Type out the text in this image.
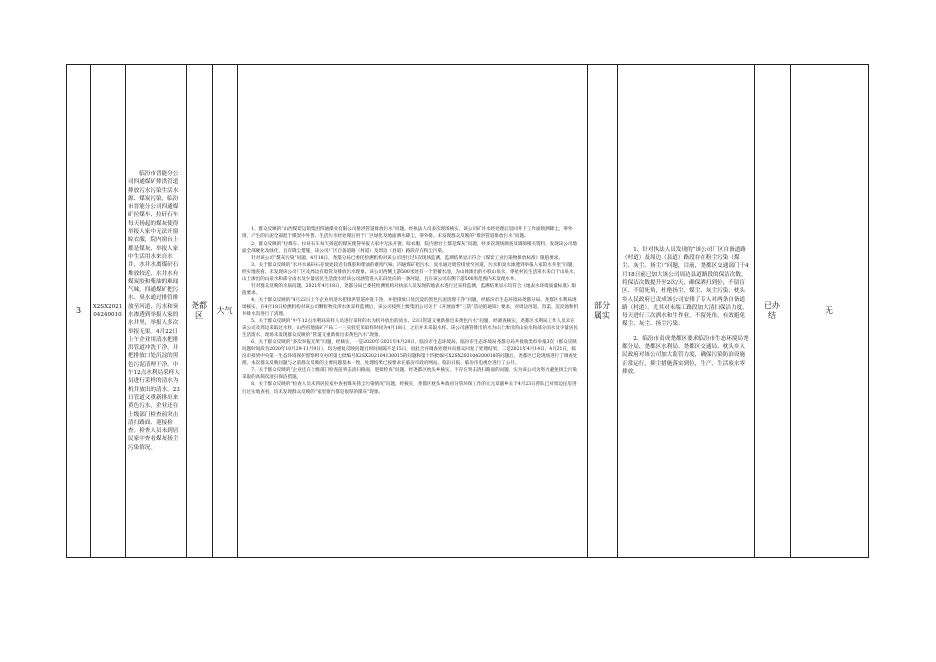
3	X2SX202104240010

临汾市晋能分公司四通煤矿排洪管道排放污水污染生活水源、煤炭污染，临汾市晋能分公司四通煤矿拉煤车、拉矸石车每天扬起的煤灰使得举报人家中无法开窗晾衣服，院内窗台上都是煤灰，举报人家中生活用水来自水井，水井水离煤矸石堆放较近，水井水有煤炭胶和柴油的难闻气味，四通煤矿把污水、臭水通过排管排放至河道，污水和臭水渗透到举报人家的水井里，举报人多次举报无果。4月22日上午企业用清水把排洪管道冲洗干净，并把排放口处沉淀的黑色污泥清理干净。中午12点水利局采样人员进行采样的清水为机井放出的清水，23日管道又重新排出来黄色污水，企业还在上级部门检查前突击清扫路面、迎接检查。检查人员未到居民家中查看煤灰扬尘污染情况。

尧都区
大气

1、群众反映的“山西煤炭运销集团四通煤业有限公司排洪管道排放污水”问题。经执法人员多次现场核实，该公司矿井水经处理后返回井下工作面喷洒降尘，零外排，产生的污泥全部混于煤炭中外售。生活污水经处理后用于厂区绿化及地面洒水降尘，零外排。未发现群众反映的“排洪管道排放污水”问题。

2、群众反映的“拉煤车、拉矸石车每天扬起的煤灰使得举报人家中无法开窗、晾衣服，院内窗台上都是煤灰”问题，经多次现场调查及调阅相关资料，发现该公司地面全部硬化及绿化，且有降尘措施，该公司厂区自备道路（村道）及周边（县道）路段存在粉尘污染。

针对该公司“煤灰污染”问题，4月18日，尧都分局已委托检测机构对该公司进行过1次现场监测，监测结果显示符合《煤炭工业污染物排放标准》限值要求。

3、关于群众反映的“水井水离矸石存放处较近有煤胶和柴油的难闻气味，四通煤矿把污水、臭水通过暗管排放至河道，污水和臭水渗透到举报人家的水井里”问题，经实地查看，未发现该公司厂区及周边有暗管及排放污水现象。该公司西侧上游500米处有一个型蓄水池，为山体渗出的小股山泉水，零星村民生活用水来自于山泉水，山上渗出的山泉水和部分雨水及少量居民生活废水经该公司涵管进入东段处向的一条河道，且在该公司东侧下游500米范围内未发现水井。

针对群众反映的水质问题，2021年4月18日，尧都分局已委托检测机构对执法人员发现的地表水进行过采样监测，监测结果显示均符合《地表水环境质量标准》限值要求。

4、关于群众反映的“4月22日上午企业用清水把排洪管道冲洗干净，并把排放口处沉淀的黑色污泥清理干净”问题，经临汾市生态环境局尧都分局、尧都区水利局现场核实，在4月18日检测机构对该公司颗粒物及涉水体采样监测后，该公司按照上级集团公司关于《开展雨季“三防”活动的通知》要求，对周边河道、沟渠、沉淀池和机井排水沟进行了清理。

5、关于群众反映的“中午12点水利局采样人员进行采样的水为机井放出的清水，23日管道又重新排出来黄色污水”问题，经调查核实，尧都区水利局工作人员未在该公司及周边采取过水样，山西省地质矿产局二一三实验室采取样时间为4月18日，之后并未采取水样。该公司涵管排出的水为山上渗出的山泉水和部分雨水及少量居民生活废水，现场未发现群众反映的“管道又重新排出来黄色污水”现象。

6、关于群众反映的“多次举报无果”问题，经核实，一是2020年-2021年4月28日，临汾市生态环境局、临汾市生态环境局尧都分局共接收类似举报3次（群众反映问题时间段为2020年10月29-11月9日），均为重复反映问题且时间间隔不足15日，因此合并调查处理并向群众回复了处理结果。二是2021年4月14日、4月21日，临汾市接到中央第一生态环境保护督察组交办的第七批编号X2SX202104130015的问题和第十四批编号X2SX202104200018的问题后，尧都区已赴现场进行了调查处理，本次群众反映问题与之前群众反映的主要问题基本一致，处理结果已按要求在临汾市政府网站、临汾日报、临汾市电视台进行了公开。

7、关于群众反映的“企业还在上级部门检查前突击清扫路面，迎接检查”问题，经尧都区枕头乡核实，不存在突击清扫路面的问题，实为该公司为努力避免扬尘污染采取的高频次清扫保洁措施。

8、关于群众反映的“检查人员未到居民家中查看煤灰扬尘污染情况”问题，经核实，尧都区枕头乡政府分管环保工作的元元章副乡长于4月23日曾队已对周边民房进行过实地查看，均未发现群众反映的“家里窗台都是很厚的煤灰”现象。

部分属实

1、针对执法人员发现的“该公司厂区自备道路（村道）及周边（县道）路段存在粉尘污染（煤尘、灰尘、扬尘）”问题，目前，尧都区交通部门于4月18日前已加大该公司周边县道路段的保洁次数，将保洁次数提升至2次/天，确保洒扫到位，不留盲区、不留死角，杜绝扬尘、煤尘、灰尘污染；枕头乡人民政府已责成该公司安排了专人对两条自备道路（村道），尤其对末端工路段加大清扫保洁力度，每天进行三次洒水和生作业，不留死角，有效避免煤尘、灰尘、扬尘污染。

2、临汾市责成尧都区要求临汾市生态环境局尧都分局、尧都区水利局、尧都区交通局、枕头乡人民政府对该公司加大监管力度，确保污染防治设施正常运行，抑尘措施落实到位，生产、生活废水零排放。

已办结
无
